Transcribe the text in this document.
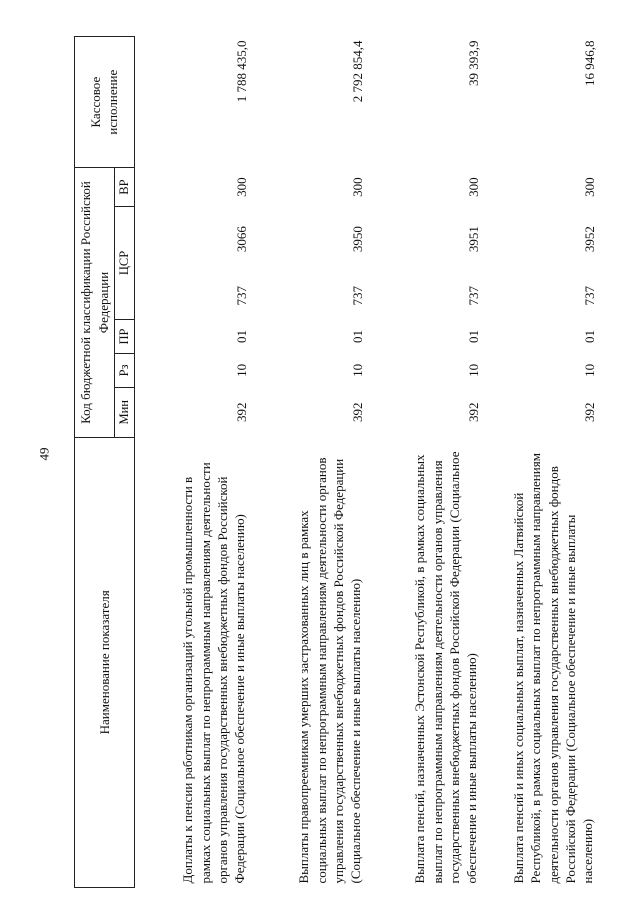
49
Наименование показателя	Код бюджетной классификации Российской Федерации						Кассовое исполнение
	Мин	Рз	ПР	ЦСР		ВР	
Доплаты к пенсии работникам организаций угольной промышленности в рамках социальных выплат по непрограммным направлениям деятельности органов управления государственных внебюджетных фондов Российской Федерации (Социальное обеспечение и иные выплаты населению)	392	10	01	737	3066	300	1 788 435,0
Выплаты правопреемникам умерших застрахованных лиц в рамках социальных выплат по непрограммным направлениям деятельности органов управления государственных внебюджетных фондов Российской Федерации (Социальное обеспечение и иные выплаты населению)	392	10	01	737	3950	300	2 792 854,4
Выплата пенсий, назначенных Эстонской Республикой, в рамках социальных выплат по непрограммным направлениям деятельности органов управления государственных внебюджетных фондов Российской Федерации (Социальное обеспечение и иные выплаты населению)	392	10	01	737	3951	300	39 393,9
Выплата пенсий и иных социальных выплат, назначенных Латвийской Республикой, в рамках социальных выплат по непрограммным направлениям деятельности органов управления государственных внебюджетных фондов Российской Федерации (Социальное обеспечение и иные выплаты населению)	392	10	01	737	3952	300	16 946,8
